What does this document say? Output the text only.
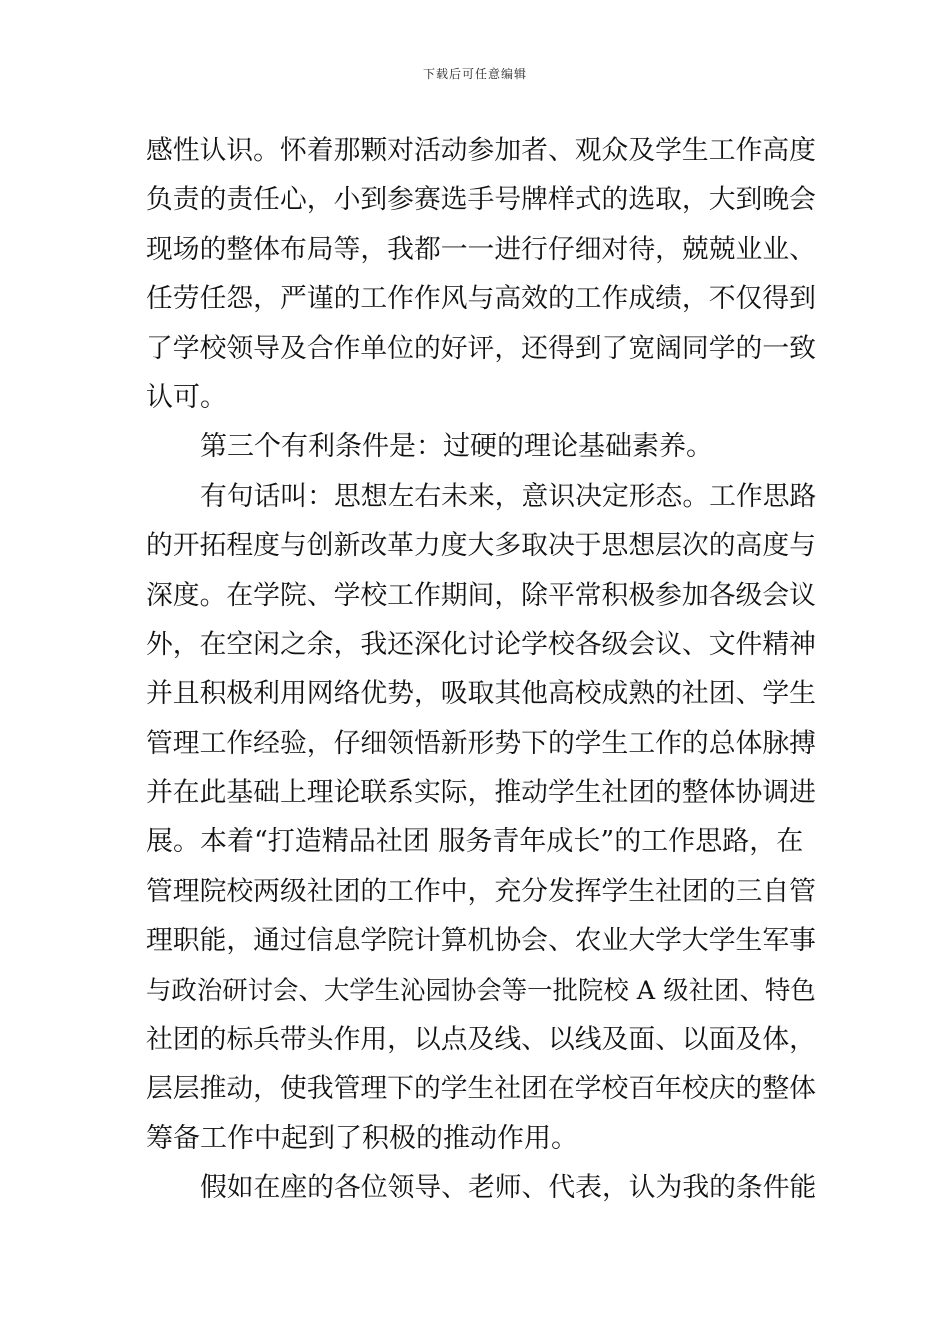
下载后可任意编辑
感性认识。怀着那颗对活动参加者、观众及学生工作高度
负责的责任心，小到参赛选手号牌样式的选取，大到晚会
现场的整体布局等，我都一一进行仔细对待，兢兢业业、
任劳任怨，严谨的工作作风与高效的工作成绩，不仅得到
了学校领导及合作单位的好评，还得到了宽阔同学的一致
认可。
第三个有利条件是：过硬的理论基础素养。
有句话叫：思想左右未来，意识决定形态。工作思路
的开拓程度与创新改革力度大多取决于思想层次的高度与
深度。在学院、学校工作期间，除平常积极参加各级会议
外，在空闲之余，我还深化讨论学校各级会议、文件精神
并且积极利用网络优势，吸取其他高校成熟的社团、学生
管理工作经验，仔细领悟新形势下的学生工作的总体脉搏
并在此基础上理论联系实际，推动学生社团的整体协调进
展。本着“打造精品社团 服务青年成长”的工作思路，在
管理院校两级社团的工作中，充分发挥学生社团的三自管
理职能，通过信息学院计算机协会、农业大学大学生军事
与政治研讨会、大学生沁园协会等一批院校 A 级社团、特色
社团的标兵带头作用，以点及线、以线及面、以面及体，
层层推动，使我管理下的学生社团在学校百年校庆的整体
筹备工作中起到了积极的推动作用。
假如在座的各位领导、老师、代表，认为我的条件能
